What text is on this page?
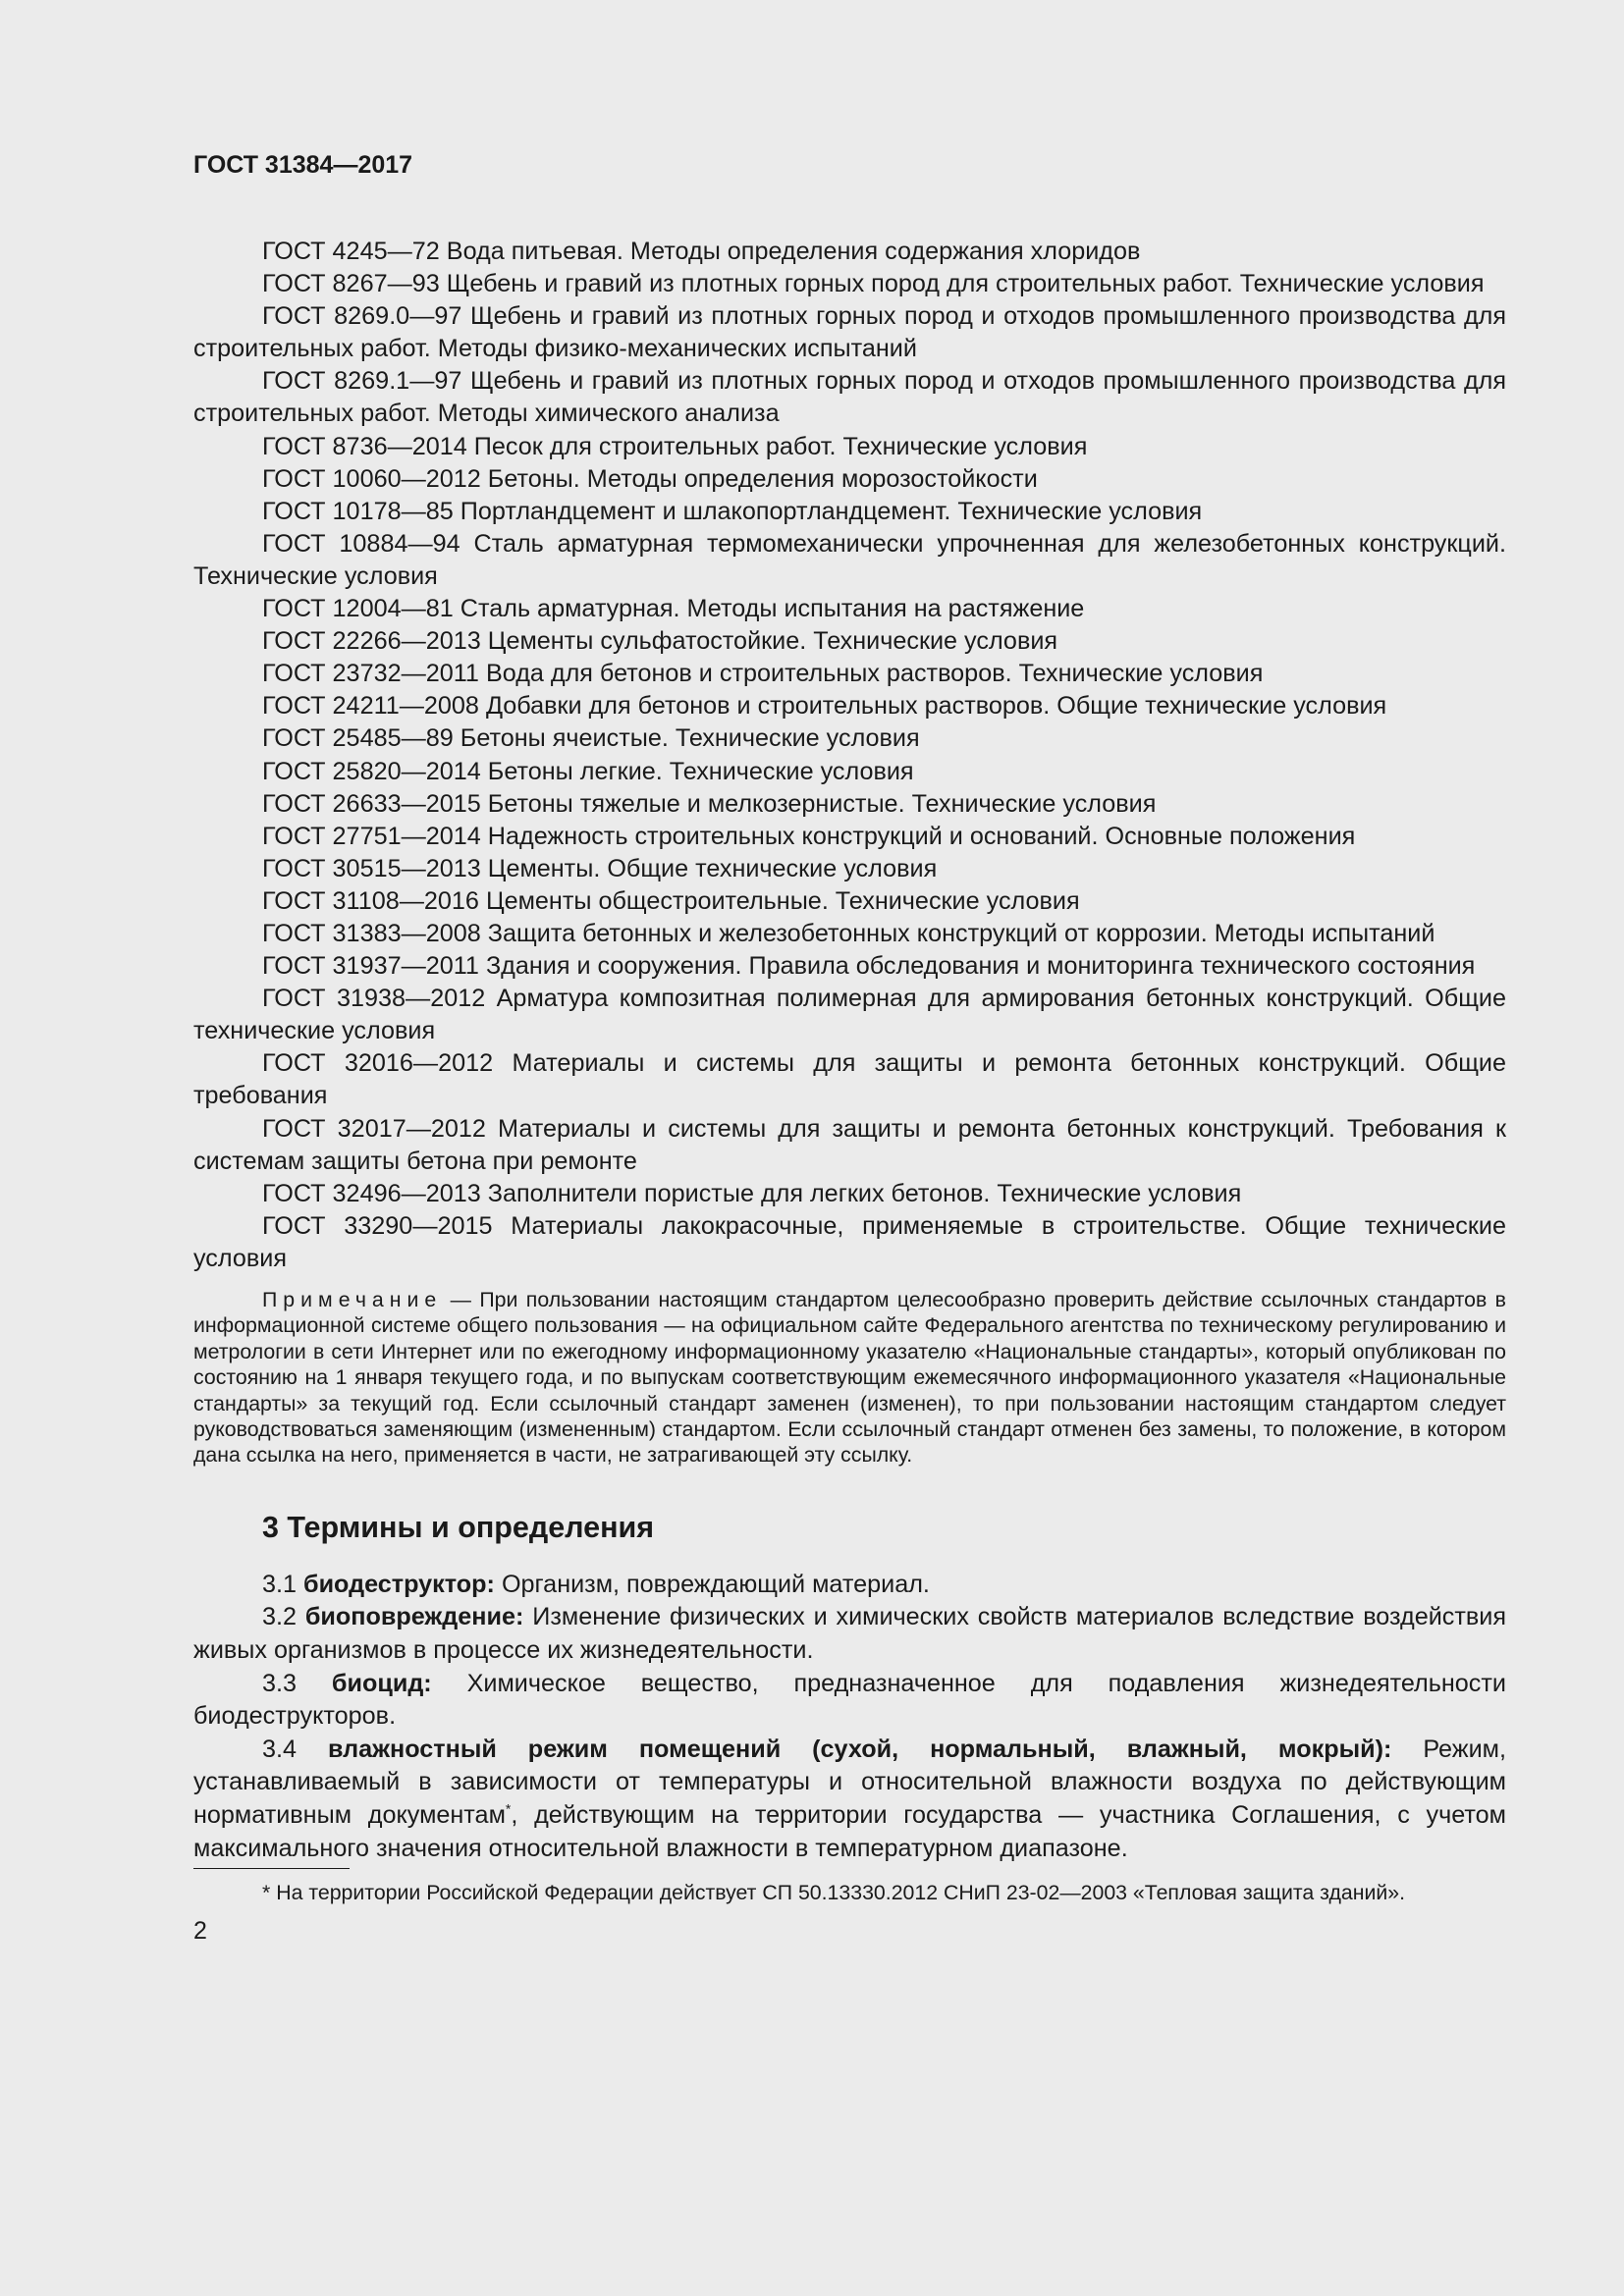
ГОСТ 31384—2017

ГОСТ 4245—72 Вода питьевая. Методы определения содержания хлоридов

ГОСТ 8267—93 Щебень и гравий из плотных горных пород для строительных работ. Технические условия

ГОСТ 8269.0—97 Щебень и гравий из плотных горных пород и отходов промышленного производства для строительных работ. Методы физико-механических испытаний

ГОСТ 8269.1—97 Щебень и гравий из плотных горных пород и отходов промышленного производства для строительных работ. Методы химического анализа

ГОСТ 8736—2014 Песок для строительных работ. Технические условия

ГОСТ 10060—2012 Бетоны. Методы определения морозостойкости

ГОСТ 10178—85 Портландцемент и шлакопортландцемент. Технические условия

ГОСТ 10884—94 Сталь арматурная термомеханически упрочненная для железобетонных конструкций. Технические условия

ГОСТ 12004—81 Сталь арматурная. Методы испытания на растяжение

ГОСТ 22266—2013 Цементы сульфатостойкие. Технические условия

ГОСТ 23732—2011 Вода для бетонов и строительных растворов. Технические условия

ГОСТ 24211—2008 Добавки для бетонов и строительных растворов. Общие технические условия

ГОСТ 25485—89 Бетоны ячеистые. Технические условия

ГОСТ 25820—2014 Бетоны легкие. Технические условия

ГОСТ 26633—2015 Бетоны тяжелые и мелкозернистые. Технические условия

ГОСТ 27751—2014 Надежность строительных конструкций и оснований. Основные положения

ГОСТ 30515—2013 Цементы. Общие технические условия

ГОСТ 31108—2016 Цементы общестроительные. Технические условия

ГОСТ 31383—2008 Защита бетонных и железобетонных конструкций от коррозии. Методы испытаний

ГОСТ 31937—2011 Здания и сооружения. Правила обследования и мониторинга технического состояния

ГОСТ 31938—2012 Арматура композитная полимерная для армирования бетонных конструкций. Общие технические условия

ГОСТ 32016—2012 Материалы и системы для защиты и ремонта бетонных конструкций. Общие требования

ГОСТ 32017—2012 Материалы и системы для защиты и ремонта бетонных конструкций. Требования к системам защиты бетона при ремонте

ГОСТ 32496—2013 Заполнители пористые для легких бетонов. Технические условия

ГОСТ 33290—2015 Материалы лакокрасочные, применяемые в строительстве. Общие технические условия

Примечание — При пользовании настоящим стандартом целесообразно проверить действие ссылочных стандартов в информационной системе общего пользования — на официальном сайте Федерального агентства по техническому регулированию и метрологии в сети Интернет или по ежегодному информационному указателю «Национальные стандарты», который опубликован по состоянию на 1 января текущего года, и по выпускам соответствующим ежемесячного информационного указателя «Национальные стандарты» за текущий год. Если ссылочный стандарт заменен (изменен), то при пользовании настоящим стандартом следует руководствоваться заменяющим (измененным) стандартом. Если ссылочный стандарт отменен без замены, то положение, в котором дана ссылка на него, применяется в части, не затрагивающей эту ссылку.

3 Термины и определения

3.1 биодеструктор: Организм, повреждающий материал.

3.2 биоповреждение: Изменение физических и химических свойств материалов вследствие воздействия живых организмов в процессе их жизнедеятельности.

3.3 биоцид: Химическое вещество, предназначенное для подавления жизнедеятельности биодеструкторов.

3.4 влажностный режим помещений (сухой, нормальный, влажный, мокрый): Режим, устанавливаемый в зависимости от температуры и относительной влажности воздуха по действующим нормативным документам*, действующим на территории государства — участника Соглашения, с учетом максимального значения относительной влажности в температурном диапазоне.

* На территории Российской Федерации действует СП 50.13330.2012 СНиП 23-02—2003 «Тепловая защита зданий».

2
